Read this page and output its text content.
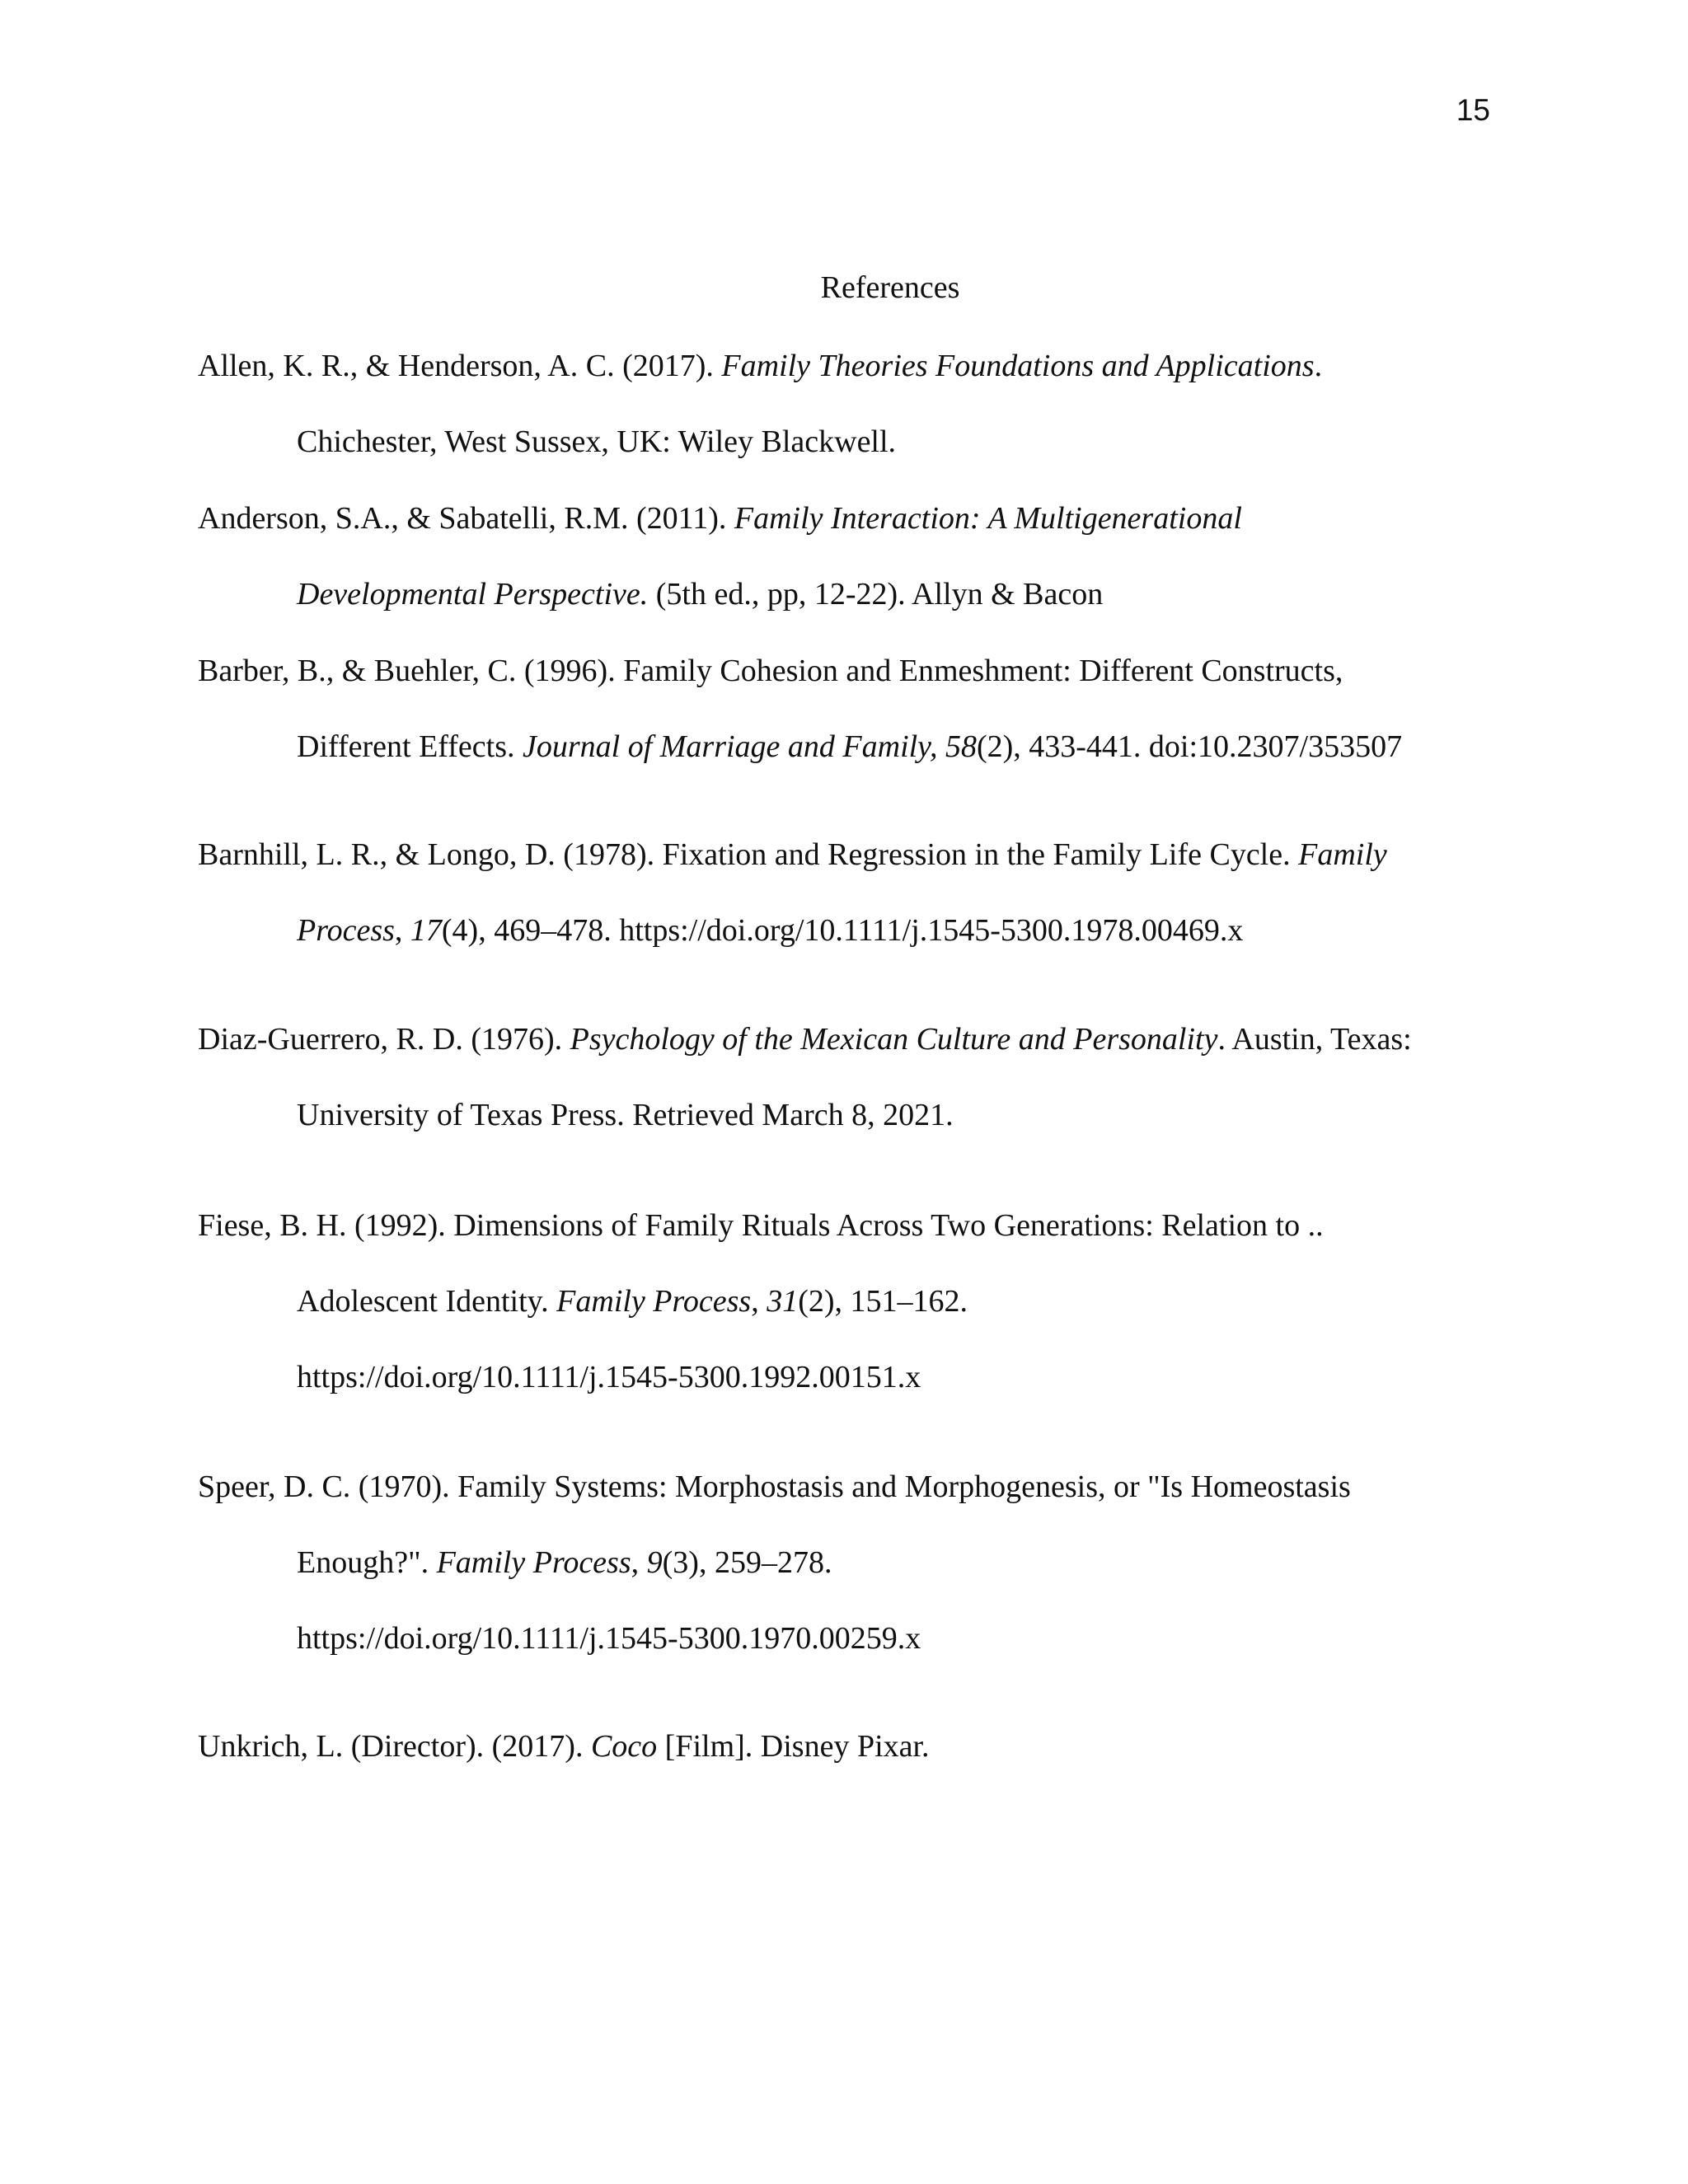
15
References
Allen, K. R., & Henderson, A. C. (2017). Family Theories Foundations and Applications.
Chichester, West Sussex, UK: Wiley Blackwell.
Anderson, S.A., & Sabatelli, R.M. (2011). Family Interaction: A Multigenerational
Developmental Perspective. (5th ed., pp, 12-22). Allyn & Bacon
Barber, B., & Buehler, C. (1996). Family Cohesion and Enmeshment: Different Constructs,
Different Effects. Journal of Marriage and Family, 58(2), 433-441. doi:10.2307/353507
Barnhill, L. R., & Longo, D. (1978). Fixation and Regression in the Family Life Cycle. Family
Process, 17(4), 469–478. https://doi.org/10.1111/j.1545-5300.1978.00469.x
Diaz-Guerrero, R. D. (1976). Psychology of the Mexican Culture and Personality. Austin, Texas:
University of Texas Press. Retrieved March 8, 2021.
Fiese, B. H. (1992). Dimensions of Family Rituals Across Two Generations: Relation to ..
Adolescent Identity. Family Process, 31(2), 151–162.
https://doi.org/10.1111/j.1545-5300.1992.00151.x
Speer, D. C. (1970). Family Systems: Morphostasis and Morphogenesis, or "Is Homeostasis
Enough?". Family Process, 9(3), 259–278.
https://doi.org/10.1111/j.1545-5300.1970.00259.x
Unkrich, L. (Director). (2017). Coco [Film]. Disney Pixar.
